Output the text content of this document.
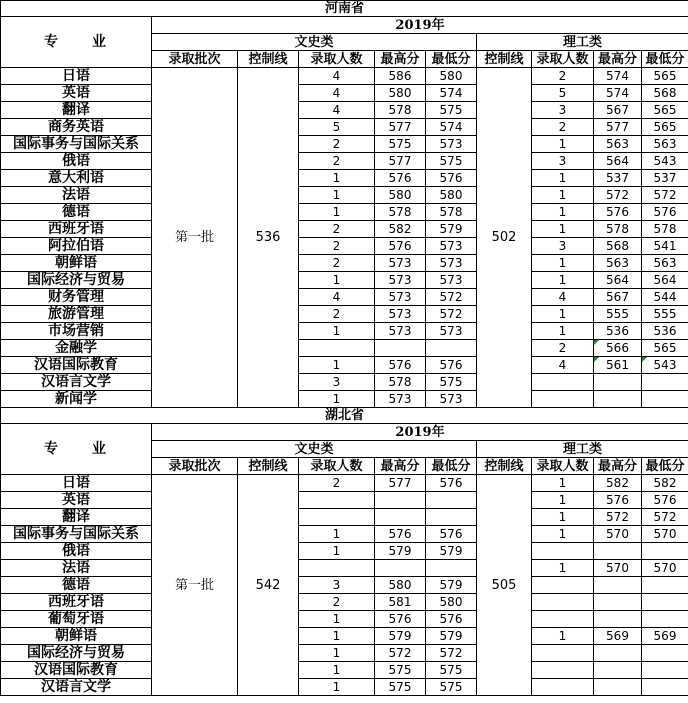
河南省									
专　　业	2019年								
	文史类					理工类			
	录取批次	控制线	录取人数	最高分	最低分	控制线	录取人数	最高分	最低分
日语	第一批	536	4	586	580	502	2	574	565
英语			4	580	574		5	574	568
翻译			4	578	575		3	567	565
商务英语			5	577	574		2	577	565
国际事务与国际关系			2	575	573		1	563	563
俄语			2	577	575		3	564	543
意大利语			1	576	576		1	537	537
法语			1	580	580		1	572	572
德语			1	578	578		1	576	576
西班牙语			2	582	579		1	578	578
阿拉伯语			2	576	573		3	568	541
朝鲜语			2	573	573		1	563	563
国际经济与贸易			1	573	573		1	564	564
财务管理			4	573	572		4	567	544
旅游管理			2	573	572		1	555	555
市场营销			1	573	573		1	536	536
金融学							2	566	565
汉语国际教育			1	576	576		4	561	543
汉语言文学			3	578	575				
新闻学			1	573	573				
湖北省									
专　　业	2019年								
	文史类					理工类			
	录取批次	控制线	录取人数	最高分	最低分	控制线	录取人数	最高分	最低分
日语	第一批	542	2	577	576	505	1	582	582
英语							1	576	576
翻译							1	572	572
国际事务与国际关系			1	576	576		1	570	570
俄语			1	579	579				
法语							1	570	570
德语			3	580	579				
西班牙语			2	581	580				
葡萄牙语			1	576	576				
朝鲜语			1	579	579		1	569	569
国际经济与贸易			1	572	572				
汉语国际教育			1	575	575				
汉语言文学			1	575	575				
